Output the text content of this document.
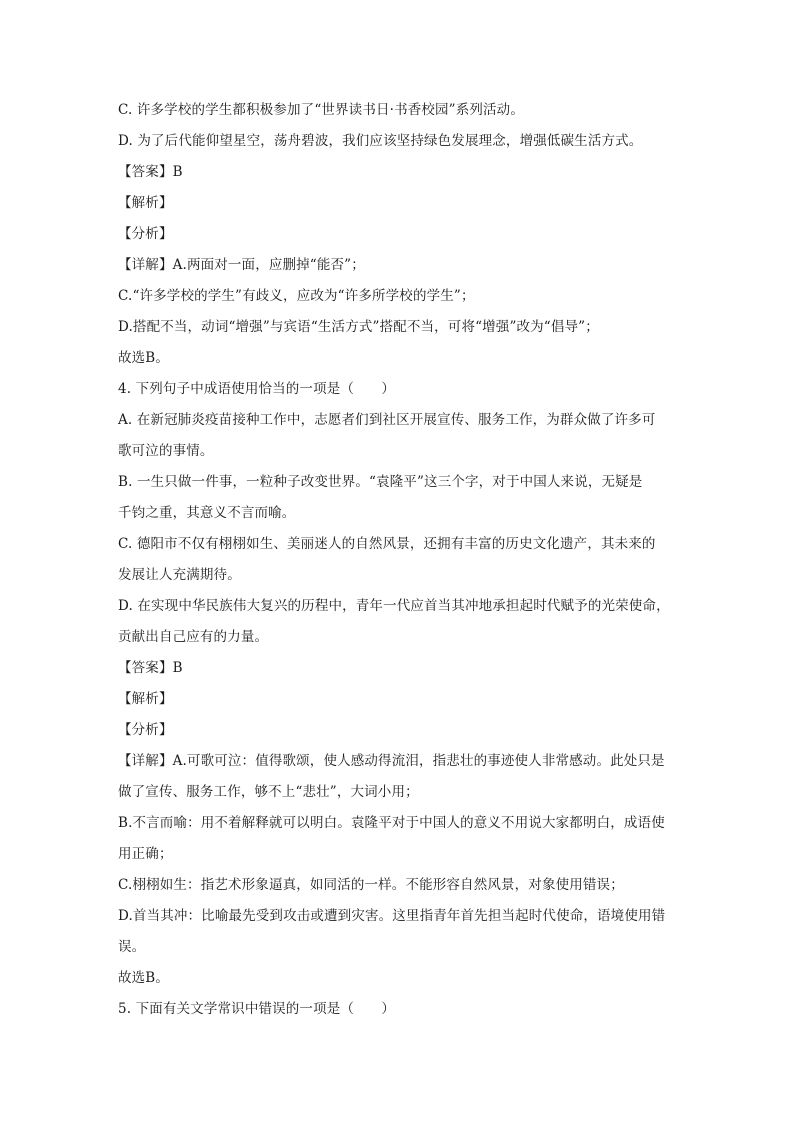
C. 许多学校的学生都积极参加了“世界读书日·书香校园”系列活动。

D. 为了后代能仰望星空，荡舟碧波，我们应该坚持绿色发展理念，增强低碳生活方式。

【答案】B

【解析】

【分析】

【详解】A.两面对一面，应删掉“能否”；

C.“许多学校的学生”有歧义，应改为“许多所学校的学生”；

D.搭配不当，动词“增强”与宾语“生活方式”搭配不当，可将“增强”改为“倡导”；

故选B。

4. 下列句子中成语使用恰当的一项是（　　）

A. 在新冠肺炎疫苗接种工作中，志愿者们到社区开展宣传、服务工作，为群众做了许多可

歌可泣的事情。

B. 一生只做一件事，一粒种子改变世界。“袁隆平”这三个字，对于中国人来说，无疑是

千钧之重，其意义不言而喻。

C. 德阳市不仅有栩栩如生、美丽迷人的自然风景，还拥有丰富的历史文化遗产，其未来的

发展让人充满期待。

D. 在实现中华民族伟大复兴的历程中，青年一代应首当其冲地承担起时代赋予的光荣使命，

贡献出自己应有的力量。

【答案】B

【解析】

【分析】

【详解】A.可歌可泣：值得歌颂，使人感动得流泪，指悲壮的事迹使人非常感动。此处只是

做了宣传、服务工作，够不上“悲壮”，大词小用；

B.不言而喻：用不着解释就可以明白。袁隆平对于中国人的意义不用说大家都明白，成语使

用正确；

C.栩栩如生：指艺术形象逼真，如同活的一样。不能形容自然风景，对象使用错误；

D.首当其冲：比喻最先受到攻击或遭到灾害。这里指青年首先担当起时代使命，语境使用错

误。

故选B。

5. 下面有关文学常识中错误的一项是（　　）
